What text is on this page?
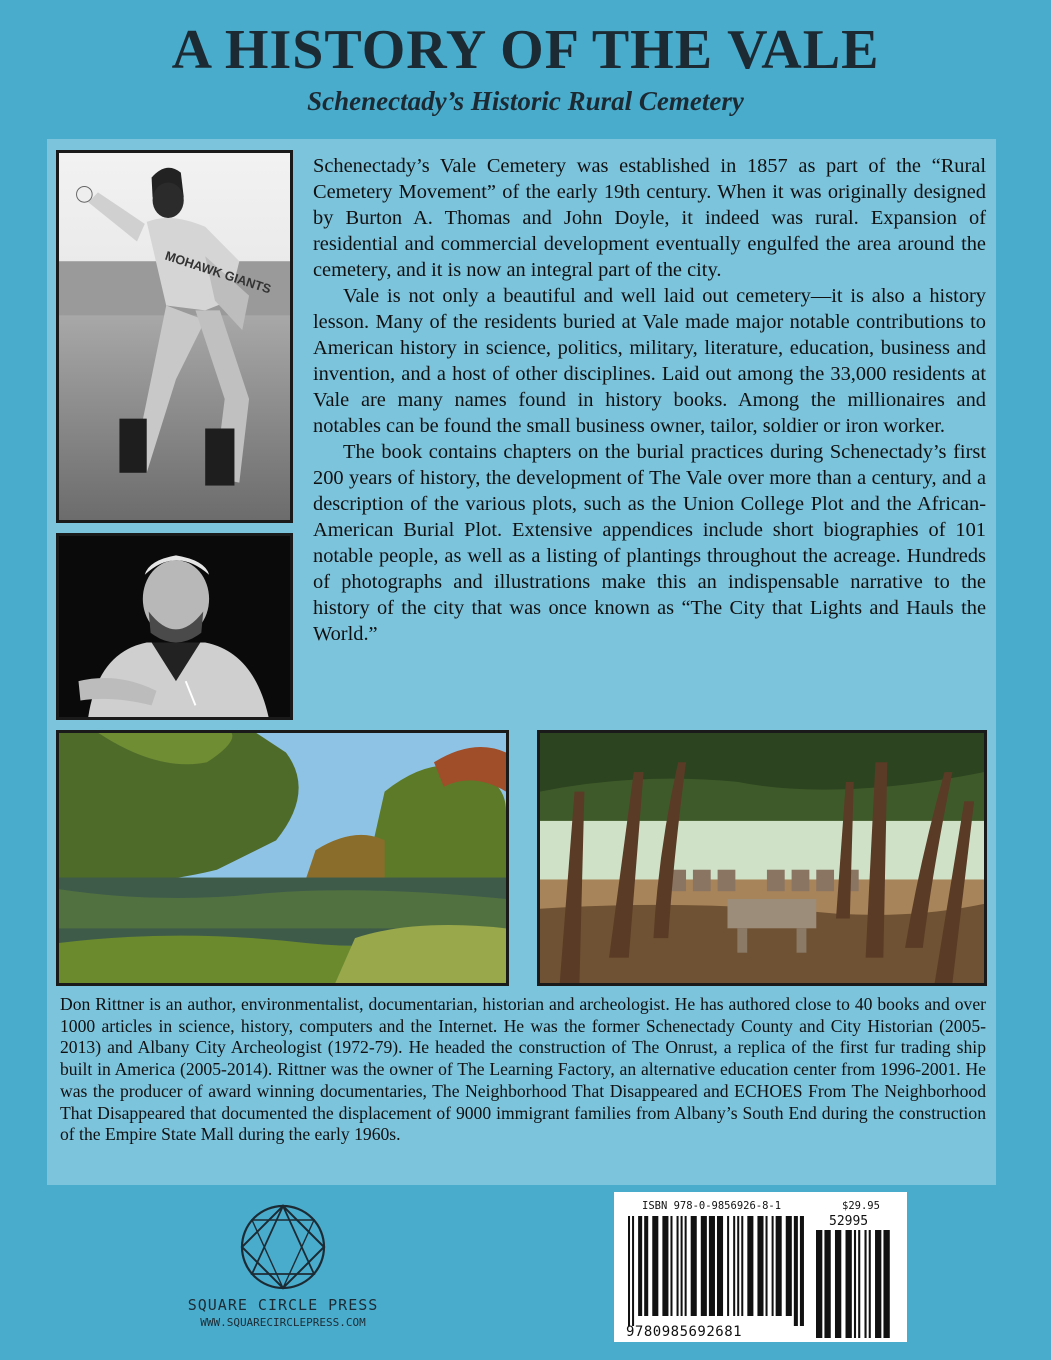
A HISTORY OF THE VALE
Schenectady’s Historic Rural Cemetery
MOHAWK GIANTS

Schenectady’s Vale Cemetery was established in 1857 as part of the “Rural Cemetery Movement” of the early 19th century. When it was originally designed by Burton A. Thomas and John Doyle, it indeed was rural. Expansion of residential and commercial development eventually engulfed the area around the cemetery, and it is now an integral part of the city.

Vale is not only a beautiful and well laid out cemetery—it is also a history lesson. Many of the residents buried at Vale made major notable contributions to American history in science, politics, military, literature, education, business and invention, and a host of other disciplines. Laid out among the 33,000 residents at Vale are many names found in history books. Among the millionaires and notables can be found the small business owner, tailor, soldier or iron worker.

The book contains chapters on the burial practices during Schenectady’s first 200 years of history, the development of The Vale over more than a century, and a description of the various plots, such as the Union College Plot and the African-American Burial Plot. Extensive appendices include short biographies of 101 notable people, as well as a listing of plantings throughout the acreage. Hundreds of photographs and illustrations make this an indispensable narrative to the history of the city that was once known as “The City that Lights and Hauls the World.”

Don Rittner is an author, environmentalist, documentarian, historian and archeologist. He has authored close to 40 books and over 1000 articles in science, history, computers and the Internet. He was the former Schenectady County and City Historian (2005-2013) and Albany City Archeologist (1972-79). He headed the construction of The Onrust, a replica of the first fur trading ship built in America (2005-2014). Rittner was the owner of The Learning Factory, an alternative education center from 1996-2001. He was the producer of award winning documentaries, The Neighborhood That Disappeared and ECHOES From The Neighborhood That Disappeared that documented the displacement of 9000 immigrant families from Albany’s South End during the construction of the Empire State Mall during the early 1960s.

SQUARE CIRCLE PRESS
WWW.SQUARECIRCLEPRESS.COM
ISBN 978-0-9856926-8-1	$29.95
52995
9780985692681
